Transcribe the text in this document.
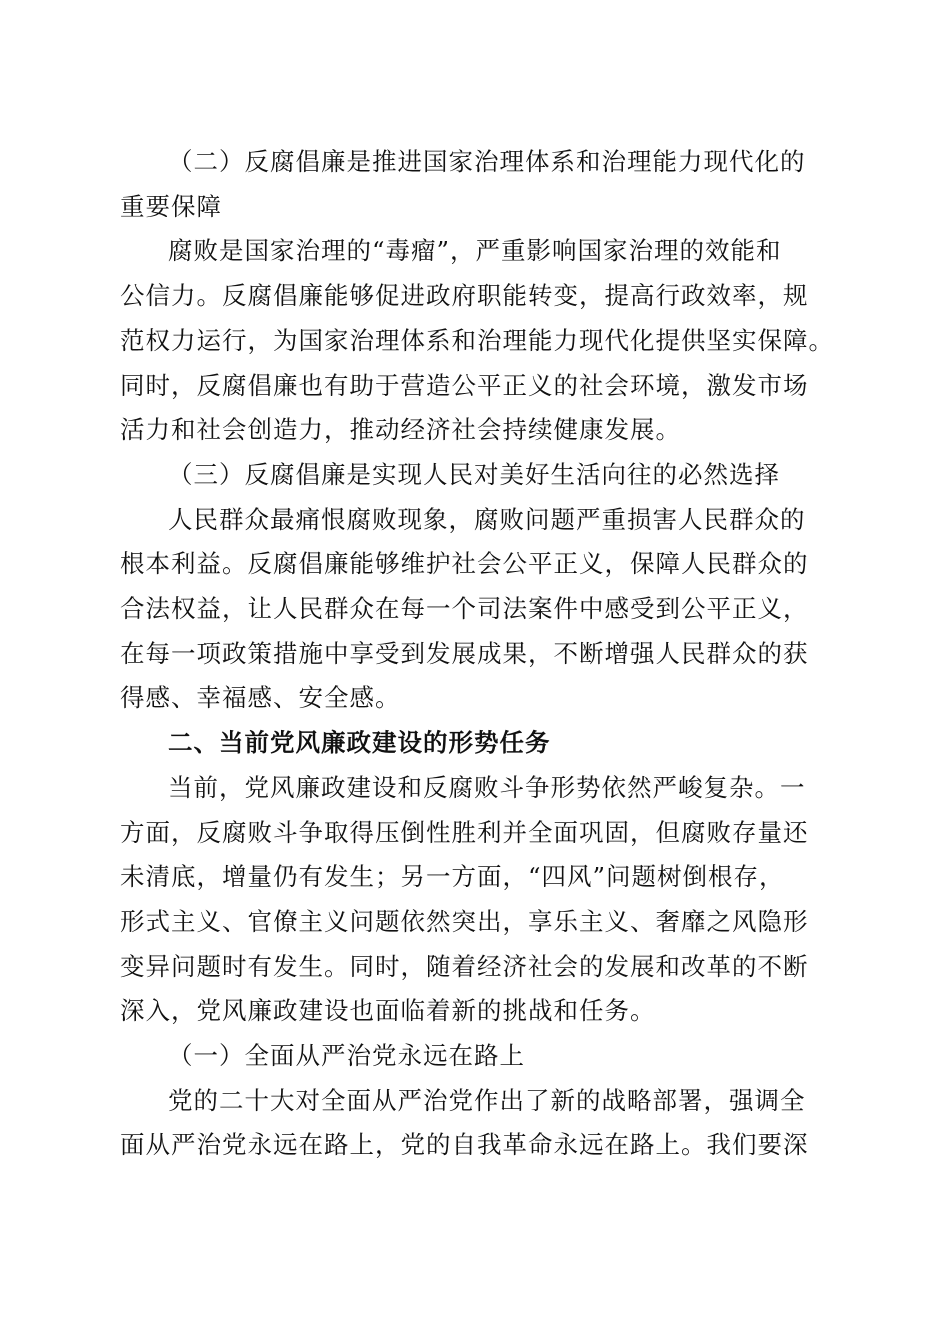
（二）反腐倡廉是推进国家治理体系和治理能力现代化的
重要保障
腐败是国家治理的“毒瘤”，严重影响国家治理的效能和
公信力。反腐倡廉能够促进政府职能转变，提高行政效率，规
范权力运行，为国家治理体系和治理能力现代化提供坚实保障。
同时，反腐倡廉也有助于营造公平正义的社会环境，激发市场
活力和社会创造力，推动经济社会持续健康发展。
（三）反腐倡廉是实现人民对美好生活向往的必然选择
人民群众最痛恨腐败现象，腐败问题严重损害人民群众的
根本利益。反腐倡廉能够维护社会公平正义，保障人民群众的
合法权益，让人民群众在每一个司法案件中感受到公平正义，
在每一项政策措施中享受到发展成果，不断增强人民群众的获
得感、幸福感、安全感。
二、当前党风廉政建设的形势任务
当前，党风廉政建设和反腐败斗争形势依然严峻复杂。一
方面，反腐败斗争取得压倒性胜利并全面巩固，但腐败存量还
未清底，增量仍有发生；另一方面，“四风”问题树倒根存，
形式主义、官僚主义问题依然突出，享乐主义、奢靡之风隐形
变异问题时有发生。同时，随着经济社会的发展和改革的不断
深入，党风廉政建设也面临着新的挑战和任务。
（一）全面从严治党永远在路上
党的二十大对全面从严治党作出了新的战略部署，强调全
面从严治党永远在路上，党的自我革命永远在路上。我们要深
